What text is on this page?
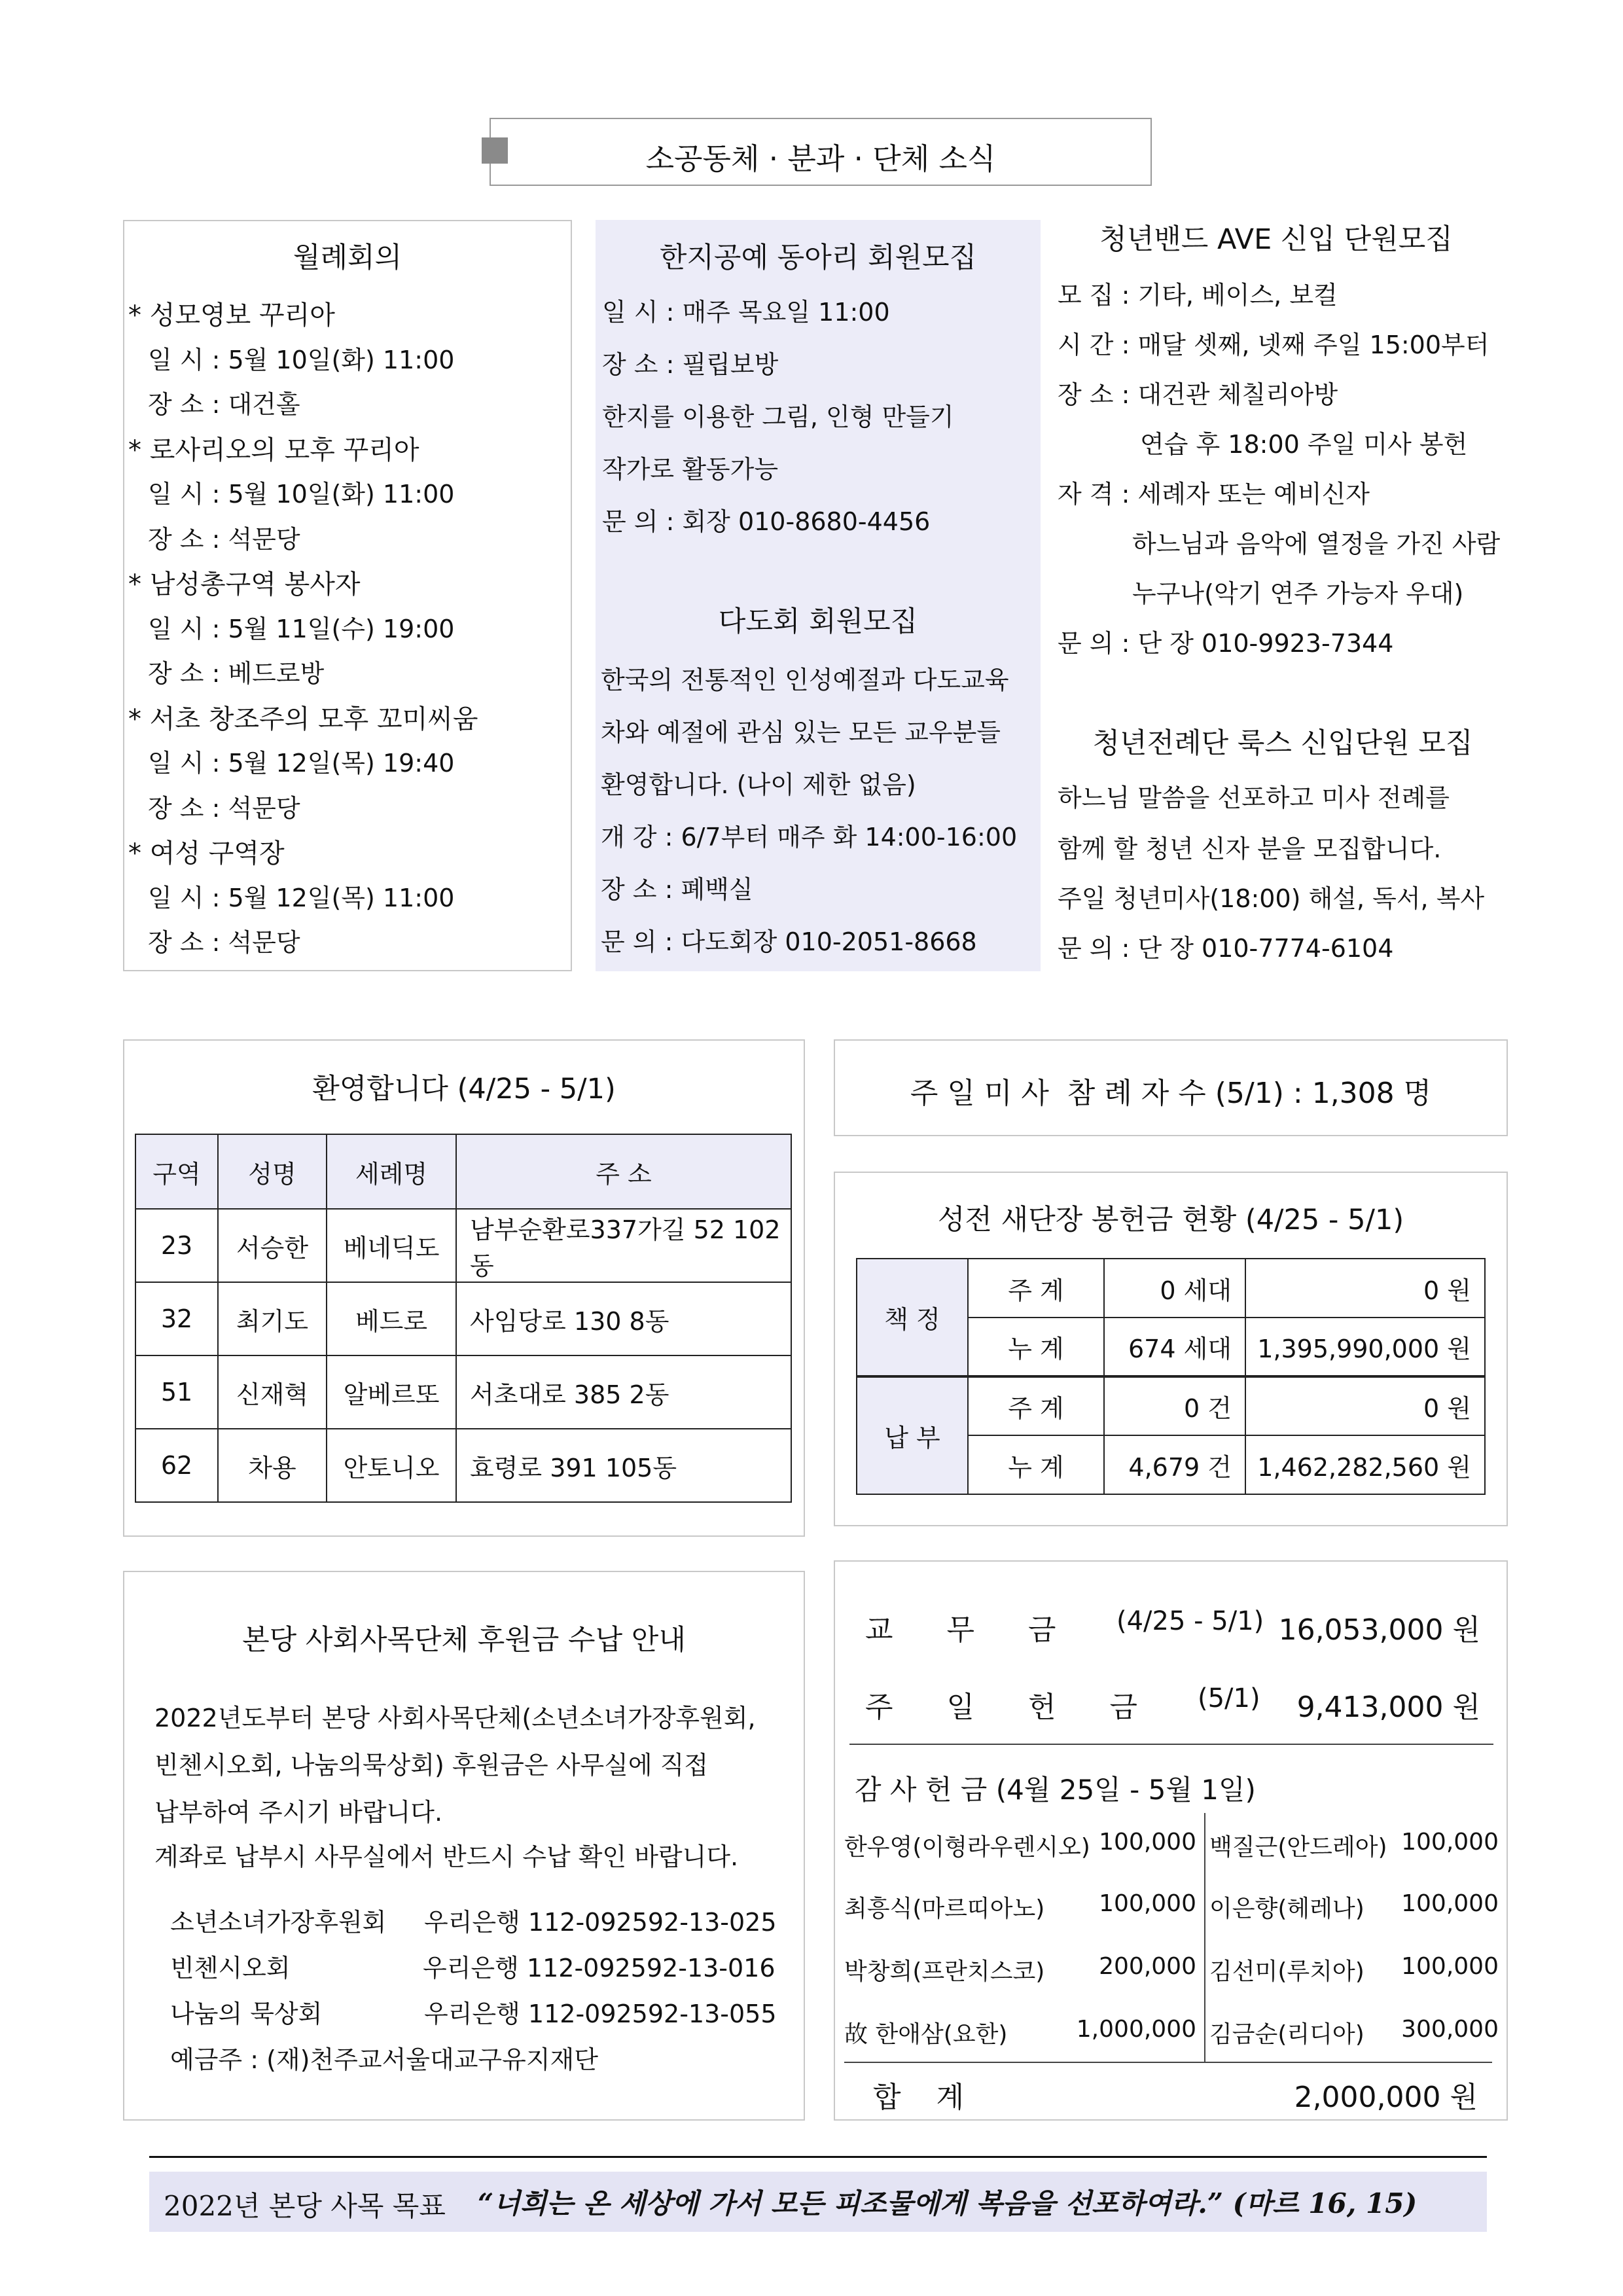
소공동체 · 분과 · 단체 소식
월례회의
* 성모영보 꾸리아
일 시 : 5월 10일(화) 11:00
장 소 : 대건홀
* 로사리오의 모후 꾸리아
일 시 : 5월 10일(화) 11:00
장 소 : 석문당
* 남성총구역 봉사자
일 시 : 5월 11일(수) 19:00
장 소 : 베드로방
* 서초 창조주의 모후 꼬미씨움
일 시 : 5월 12일(목) 19:40
장 소 : 석문당
* 여성 구역장
일 시 : 5월 12일(목) 11:00
장 소 : 석문당
한지공예 동아리 회원모집
다도회 회원모집
일 시 : 매주 목요일 11:00
장 소 : 필립보방
한지를 이용한 그림, 인형 만들기
작가로 활동가능
문 의 : 회장 010-8680-4456
한국의 전통적인 인성예절과 다도교육
차와 예절에 관심 있는 모든 교우분들
환영합니다. (나이 제한 없음)
개 강 : 6/7부터 매주 화 14:00-16:00
장 소 : 폐백실
문 의 : 다도회장 010-2051-8668
청년밴드 AVE 신입 단원모집
모 집 : 기타, 베이스, 보컬
시 간 : 매달 셋째, 넷째 주일 15:00부터
장 소 : 대건관 체칠리아방
연습 후 18:00 주일 미사 봉헌
자 격 : 세례자 또는 예비신자
하느님과 음악에 열정을 가진 사람
누구나(악기 연주 가능자 우대)
문 의 : 단 장 010-9923-7344
청년전례단 룩스 신입단원 모집
하느님 말씀을 선포하고 미사 전례를
함께 할 청년 신자 분을 모집합니다.
주일 청년미사(18:00) 해설, 독서, 복사
문 의 : 단 장 010-7774-6104
환영합니다 (4/25 - 5/1)
구역	성명	세례명	주 소
23	서승한	베네딕도	남부순환로337가길 52 102동
32	최기도	베드로	사임당로 130 8동
51	신재혁	알베르또	서초대로 385 2동
62	차용	안토니오	효령로 391 105동
주 일 미 사  참 례 자 수 (5/1) : 1,308 명
성전 새단장 봉헌금 현황 (4/25 - 5/1)
책 정	주 계	0 세대	0 원
	누 계	674 세대	1,395,990,000 원
납 부	주 계	0 건	0 원
	누 계	4,679 건	1,462,282,560 원
본당 사회사목단체 후원금 수납 안내
2022년도부터 본당 사회사목단체(소년소녀가장후원회,
빈첸시오회, 나눔의묵상회) 후원금은 사무실에 직접
납부하여 주시기 바랍니다.
계좌로 납부시 사무실에서 반드시 수납 확인 바랍니다.
소년소녀가장후원회 우리은행 112-092592-13-025
빈첸시오회	우리은행 112-092592-13-016
나눔의 묵상회	우리은행 112-092592-13-055
예금주 : (재)천주교서울대교구유지재단
교 무 금 (4/25 - 5/1) 16,053,000 원
주 일 헌 금 (5/1) 9,413,000 원
감 사 헌 금 (4월 25일 - 5월 1일)
한우영(이형라우렌시오) 100,000 백질근(안드레아) 100,000
최흥식(마르띠아노) 100,000 이은향(헤레나) 100,000
박창희(프란치스코) 200,000 김선미(루치아) 100,000
故 한애삼(요한)	1,000,000 김금순(리디아) 300,000
합 계	2,000,000 원
2022년 본당 사목 목표 “너희는 온 세상에 가서 모든 피조물에게 복음을 선포하여라.” (마르 16, 15)
